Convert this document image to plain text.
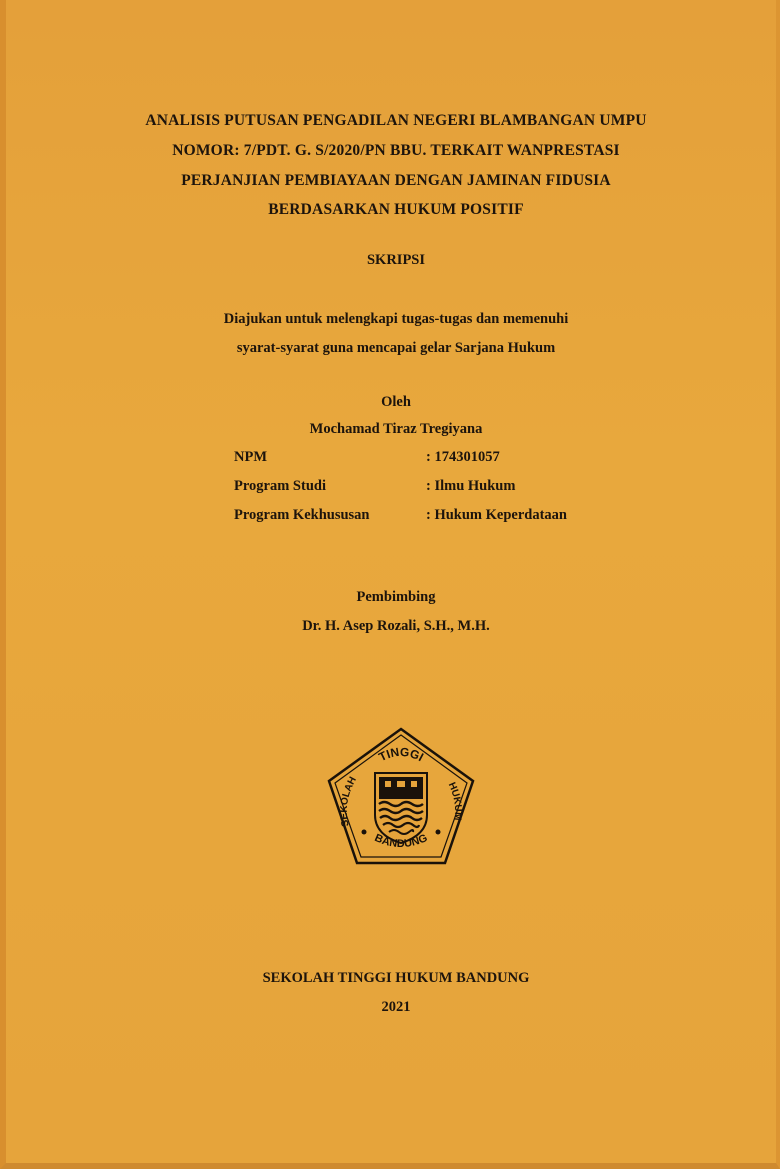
ANALISIS PUTUSAN PENGADILAN NEGERI BLAMBANGAN UMPU
NOMOR: 7/PDT. G. S/2020/PN BBU. TERKAIT WANPRESTASI
PERJANJIAN PEMBIAYAAN DENGAN JAMINAN FIDUSIA
BERDASARKAN HUKUM POSITIF
SKRIPSI
Diajukan untuk melengkapi tugas-tugas dan memenuhi
syarat-syarat guna mencapai gelar Sarjana Hukum
Oleh
Mochamad Tiraz Tregiyana
NPM	: 174301057
Program Studi	: Ilmu Hukum
Program Kekhususan	: Hukum Keperdataan
Pembimbing
Dr. H. Asep Rozali, S.H., M.H.
TINGGI
SEKOLAH	HUKUM
BANDUNG
SEKOLAH TINGGI HUKUM BANDUNG
2021
